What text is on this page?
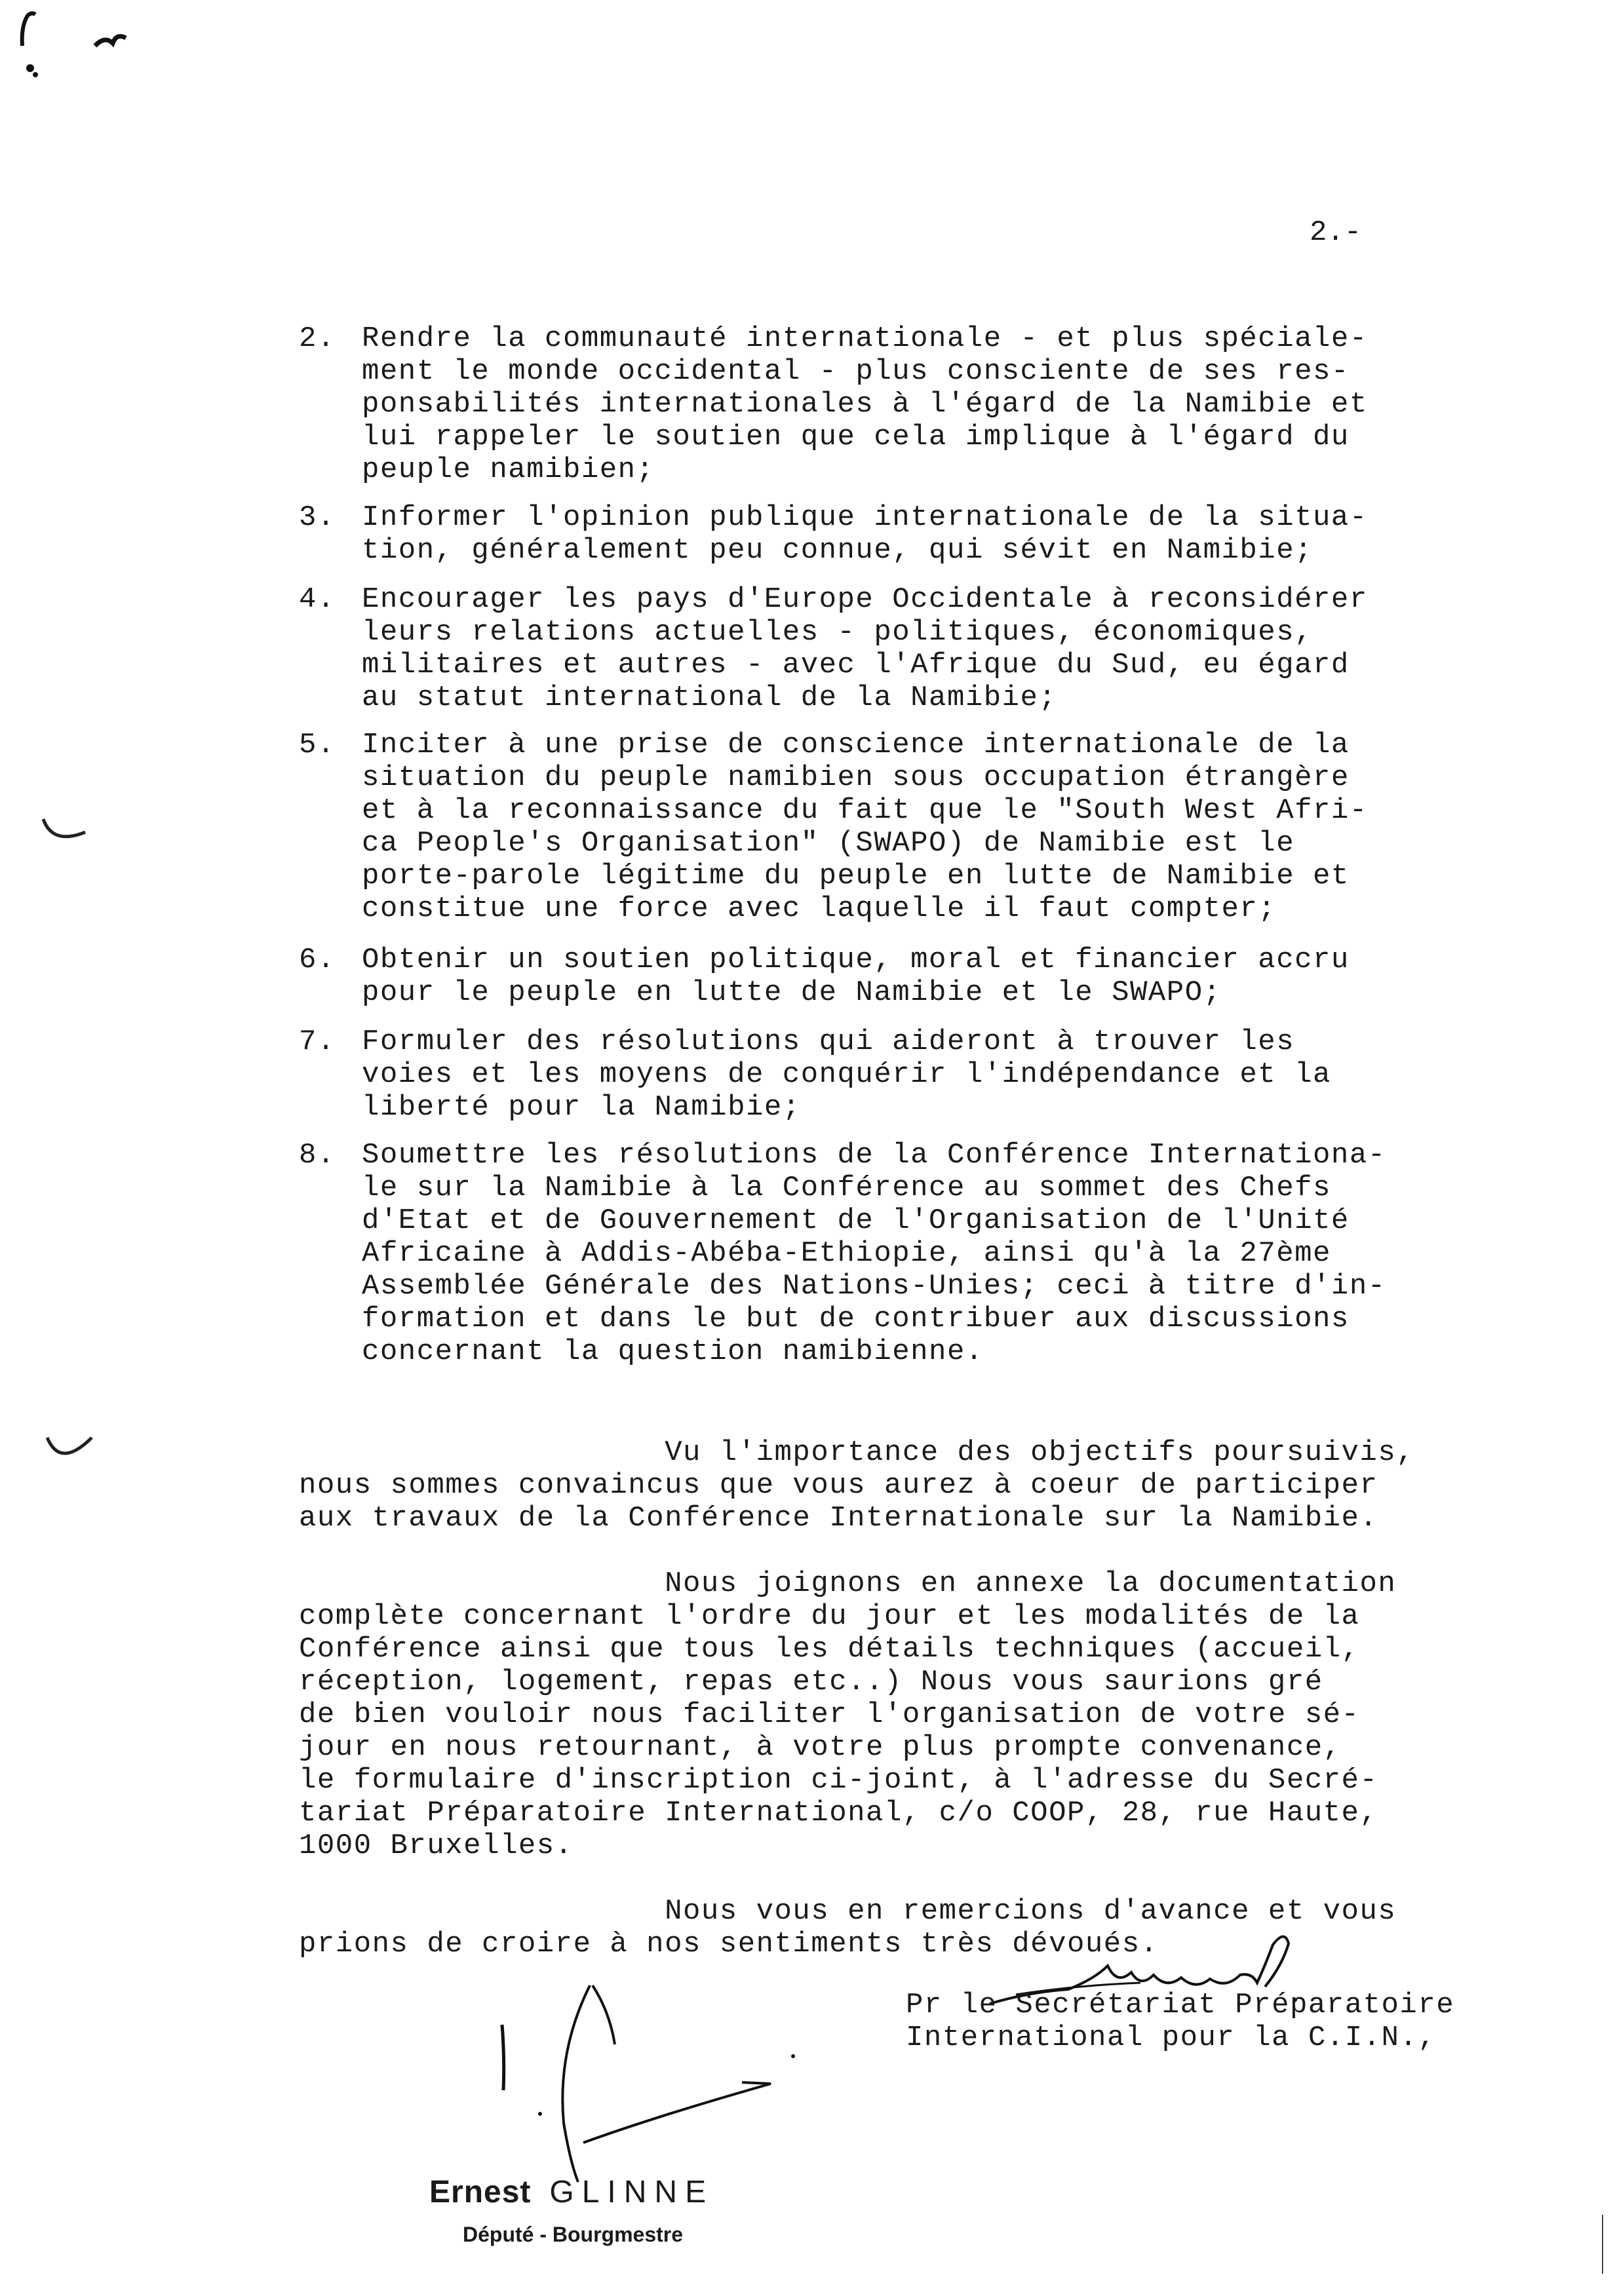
2.-
2. Rendre la communauté internationale - et plus spéciale-
ment le monde occidental - plus consciente de ses res-
ponsabilités internationales à l'égard de la Namibie et
lui rappeler le soutien que cela implique à l'égard du
peuple namibien;
3. Informer l'opinion publique internationale de la situa-
tion, généralement peu connue, qui sévit en Namibie;
4. Encourager les pays d'Europe Occidentale à reconsidérer
leurs relations actuelles - politiques, économiques,
militaires et autres - avec l'Afrique du Sud, eu égard
au statut international de la Namibie;
5. Inciter à une prise de conscience internationale de la
situation du peuple namibien sous occupation étrangère
et à la reconnaissance du fait que le "South West Afri-
ca People's Organisation" (SWAPO) de Namibie est le
porte-parole légitime du peuple en lutte de Namibie et
constitue une force avec laquelle il faut compter;
6. Obtenir un soutien politique, moral et financier accru
pour le peuple en lutte de Namibie et le SWAPO;
7. Formuler des résolutions qui aideront à trouver les
voies et les moyens de conquérir l'indépendance et la
liberté pour la Namibie;
8. Soumettre les résolutions de la Conférence Internationa-
le sur la Namibie à la Conférence au sommet des Chefs
d'Etat et de Gouvernement de l'Organisation de l'Unité
Africaine à Addis-Abéba-Ethiopie, ainsi qu'à la 27ème
Assemblée Générale des Nations-Unies; ceci à titre d'in-
formation et dans le but de contribuer aux discussions
concernant la question namibienne.
Vu l'importance des objectifs poursuivis,
nous sommes convaincus que vous aurez à coeur de participer
aux travaux de la Conférence Internationale sur la Namibie.
Nous joignons en annexe la documentation
complète concernant l'ordre du jour et les modalités de la
Conférence ainsi que tous les détails techniques (accueil,
réception, logement, repas etc..) Nous vous saurions gré
de bien vouloir nous faciliter l'organisation de votre sé-
jour en nous retournant, à votre plus prompte convenance,
le formulaire d'inscription ci-joint, à l'adresse du Secré-
tariat Préparatoire International, c/o COOP, 28, rue Haute,
1000 Bruxelles.
Nous vous en remercions d'avance et vous
prions de croire à nos sentiments très dévoués.
Pr le Secrétariat Préparatoire
International pour la C.I.N.,
Ernest GLINNE
Député - Bourgmestre
